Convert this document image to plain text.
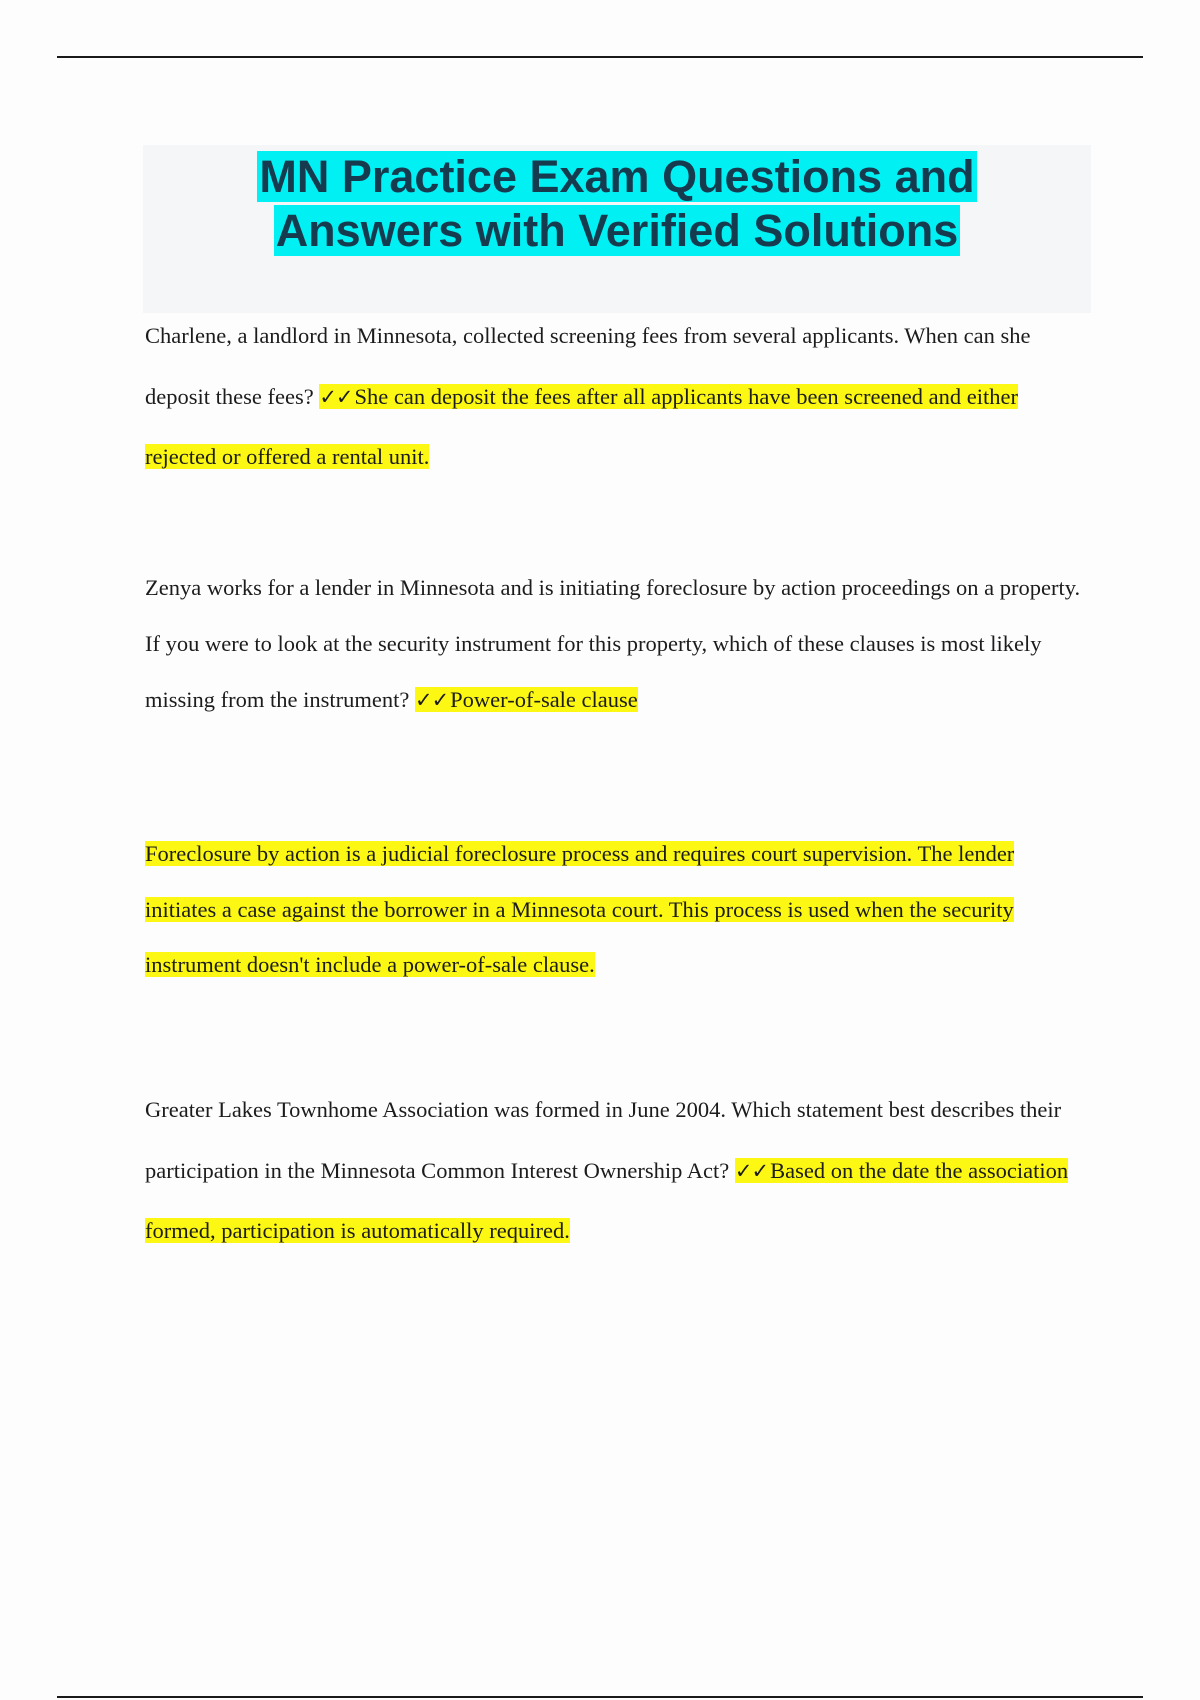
MN Practice Exam Questions and
Answers with Verified Solutions

Charlene, a landlord in Minnesota, collected screening fees from several applicants. When can she deposit these fees? ✓✓She can deposit the fees after all applicants have been screened and either rejected or offered a rental unit.

Zenya works for a lender in Minnesota and is initiating foreclosure by action proceedings on a property. If you were to look at the security instrument for this property, which of these clauses is most likely missing from the instrument? ✓✓Power-of-sale clause

Foreclosure by action is a judicial foreclosure process and requires court supervision. The lender initiates a case against the borrower in a Minnesota court. This process is used when the security instrument doesn't include a power-of-sale clause.

Greater Lakes Townhome Association was formed in June 2004. Which statement best describes their participation in the Minnesota Common Interest Ownership Act? ✓✓Based on the date the association formed, participation is automatically required.
